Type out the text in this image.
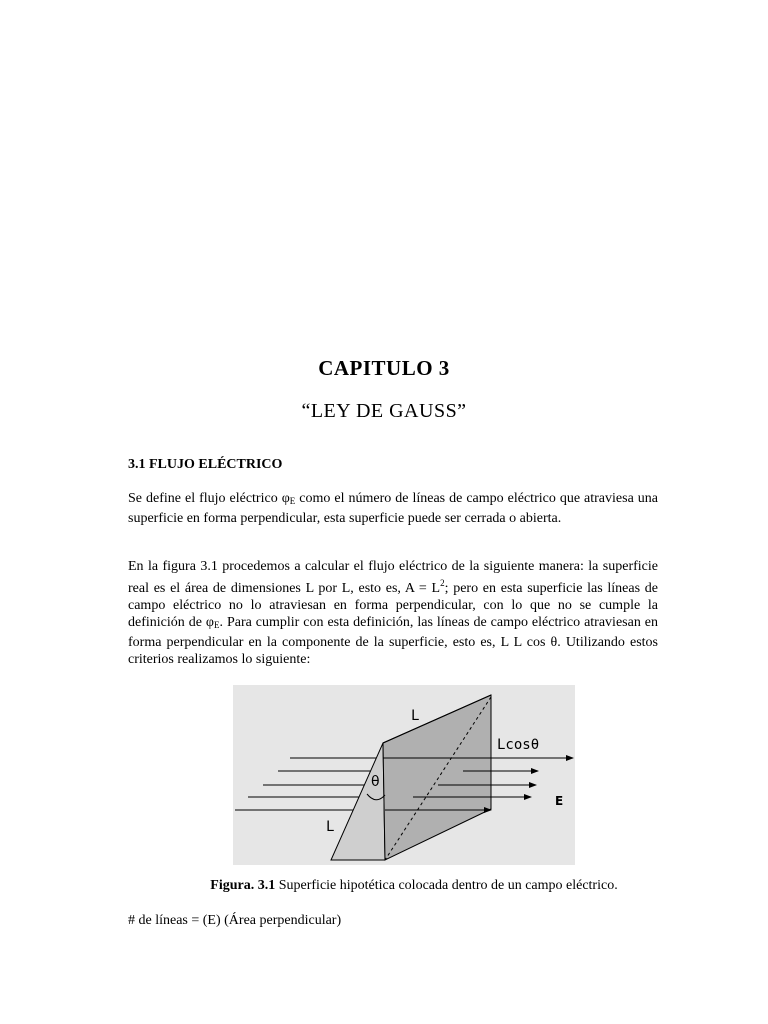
CAPITULO 3
“LEY DE GAUSS”
3.1 FLUJO ELÉCTRICO
Se define el flujo eléctrico $\varphi_E$ como el número de líneas de campo eléctrico que atraviesa una superficie en forma perpendicular, esta superficie puede ser cerrada o abierta.
En la figura 3.1 procedemos a calcular el flujo eléctrico de la siguiente manera: la superficie real es el área de dimensiones L por L, esto es, $A = L^2$; pero en esta superficie las líneas de campo eléctrico no lo atraviesan en forma perpendicular, con lo que no se cumple la definición de $\varphi_E$. Para cumplir con esta definición, las líneas de campo eléctrico atraviesan en forma perpendicular en la componente de la superficie, esto es, L L cos θ. Utilizando estos criterios realizamos lo siguiente:
L
L
Lcosθ
θ
E
Figura. 3.1 Superficie hipotética colocada dentro de un campo eléctrico.
# de líneas = (E) (Área perpendicular)
